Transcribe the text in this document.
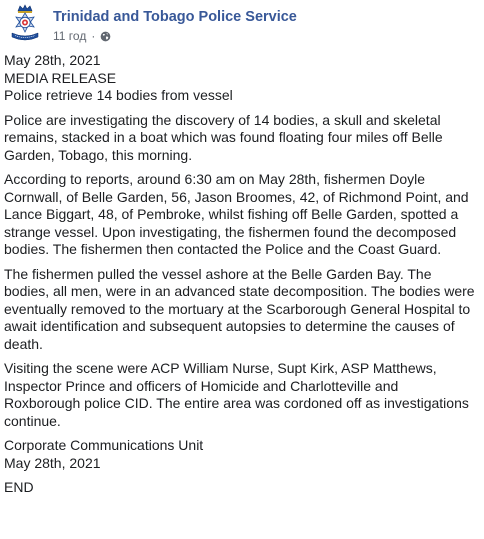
Trinidad and Tobago Police Service
11 год ·

May 28th, 2021
MEDIA RELEASE
Police retrieve 14 bodies from vessel

Police are investigating the discovery of 14 bodies, a skull and skeletal remains, stacked in a boat which was found floating four miles off Belle Garden, Tobago, this morning.

According to reports, around 6:30 am on May 28th, fishermen Doyle Cornwall, of Belle Garden, 56, Jason Broomes, 42, of Richmond Point, and Lance Biggart, 48, of Pembroke, whilst fishing off Belle Garden, spotted a strange vessel. Upon investigating, the fishermen found the decomposed bodies. The fishermen then contacted the Police and the Coast Guard.

The fishermen pulled the vessel ashore at the Belle Garden Bay. The bodies, all men, were in an advanced state decomposition. The bodies were eventually removed to the mortuary at the Scarborough General Hospital to await identification and subsequent autopsies to determine the causes of death.

Visiting the scene were ACP William Nurse, Supt Kirk, ASP Matthews, Inspector Prince and officers of Homicide and Charlotteville and Roxborough police CID. The entire area was cordoned off as investigations continue.

Corporate Communications Unit
May 28th, 2021

END
